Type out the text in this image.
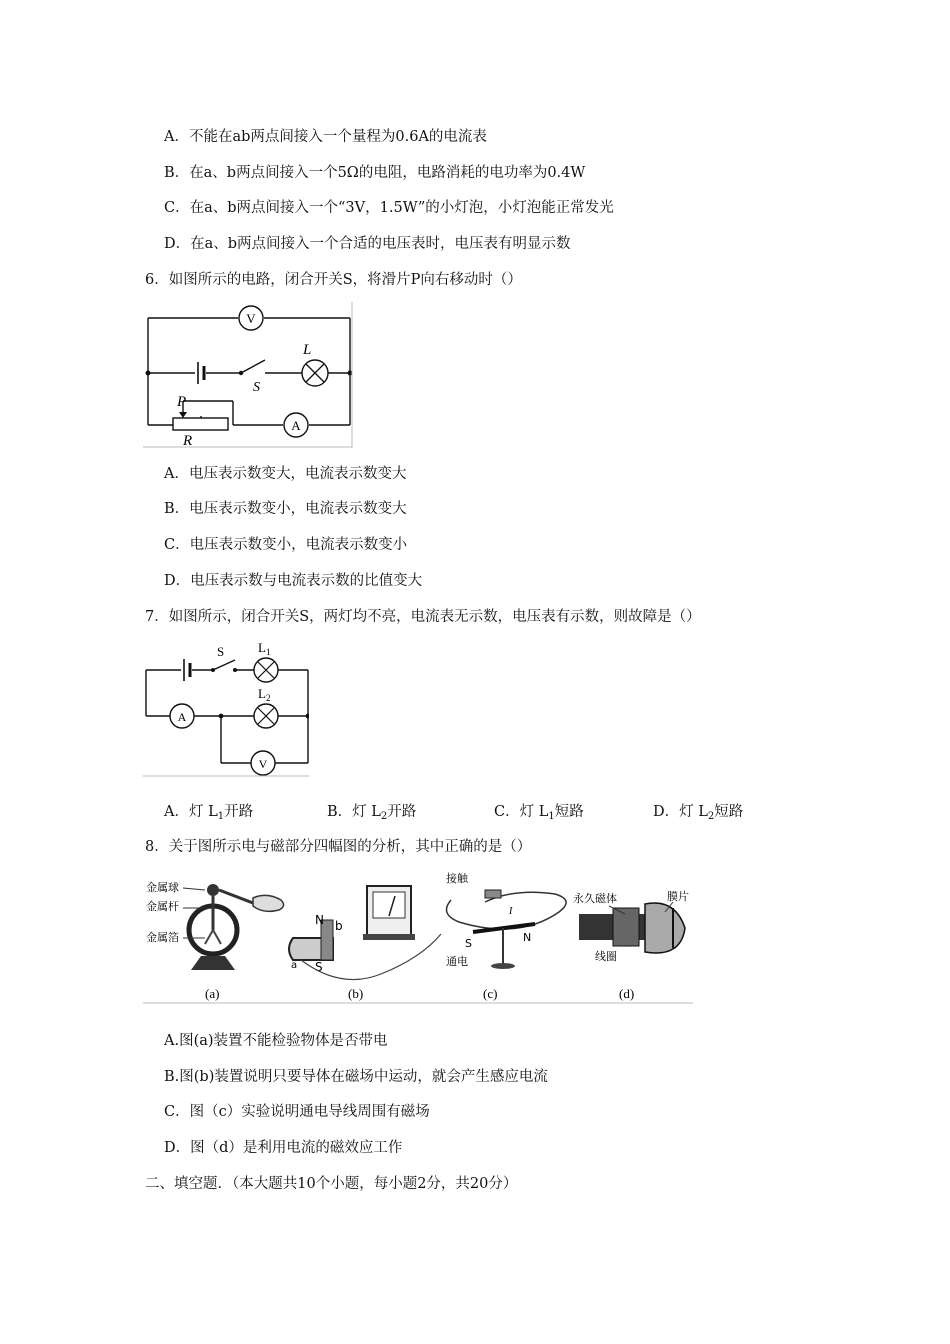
A．不能在ab两点间接入一个量程为0.6A的电流表
B．在a、b两点间接入一个5Ω的电阻，电路消耗的电功率为0.4W
C．在a、b两点间接入一个“3V，1.5W”的小灯泡，小灯泡能正常发光
D．在a、b两点间接入一个合适的电压表时，电压表有明显示数
6．如图所示的电路，闭合开关S，将滑片P向右移动时（）
V
S
L
P
R
A
A．电压表示数变大，电流表示数变大
B．电压表示数变小，电流表示数变大
C．电压表示数变小，电流表示数变小
D．电压表示数与电流表示数的比值变大
7．如图所示，闭合开关S，两灯均不亮，电流表无示数，电压表有示数，则故障是（）
S	$L_1$
$L_2$
A
V
A．灯 $L_1$开路	B．灯 $L_2$开路	C．灯 $L_1$短路	D．灯 $L_2$短路
8．关于图所示电与磁部分四幅图的分析，其中正确的是（）
金属球
金属杆
金属箔
(a)
N b
a S
(b)
接触
I
S	N
通电
(c)
永久磁体	膜片
线圈
(d)
A.图(a)装置不能检验物体是否带电
B.图(b)装置说明只要导体在磁场中运动，就会产生感应电流
C．图（c）实验说明通电导线周围有磁场
D．图（d）是利用电流的磁效应工作
二、填空题．（本大题共10个小题，每小题2分，共20分）
